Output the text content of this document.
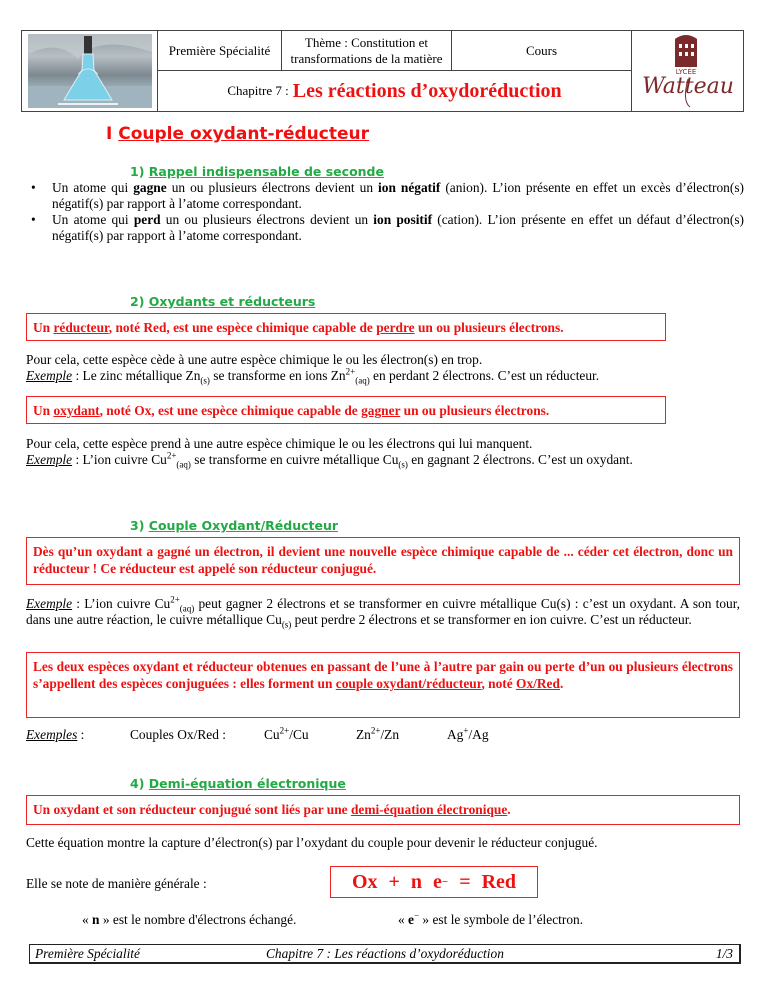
Première Spécialité
Thème : Constitution et transformations de la matière
Cours
Chapitre 7 : Les réactions d’oxydoréduction
LYCÉE
Watteau
I Couple oxydant-réducteur
1) Rappel indispensable de seconde
• Un atome qui gagne un ou plusieurs électrons devient un ion négatif (anion). L’ion présente en effet un excès d’électron(s) négatif(s) par rapport à l’atome correspondant.
• Un atome qui perd un ou plusieurs électrons devient un ion positif (cation). L’ion présente en effet un défaut d’électron(s) négatif(s) par rapport à l’atome correspondant.
2) Oxydants et réducteurs
Un réducteur, noté Red, est une espèce chimique capable de perdre un ou plusieurs électrons.
Pour cela, cette espèce cède à une autre espèce chimique le ou les électron(s) en trop.
Exemple : Le zinc métallique $Zn_{(s)}$ se transforme en ions $Zn^{2+}_{(aq)}$ en perdant 2 électrons. C’est un réducteur.
Un oxydant, noté Ox, est une espèce chimique capable de gagner un ou plusieurs électrons.
Pour cela, cette espèce prend à une autre espèce chimique le ou les électrons qui lui manquent.
Exemple : L’ion cuivre $Cu^{2+}_{(aq)}$ se transforme en cuivre métallique $Cu_{(s)}$ en gagnant 2 électrons. C’est un oxydant.
3) Couple Oxydant/Réducteur
Dès qu’un oxydant a gagné un électron, il devient une nouvelle espèce chimique capable de ... céder cet électron, donc un réducteur ! Ce réducteur est appelé son réducteur conjugué.
Exemple : L’ion cuivre $Cu^{2+}_{(aq)}$ peut gagner 2 électrons et se transformer en cuivre métallique Cu(s) : c’est un oxydant. A son tour, dans une autre réaction, le cuivre métallique $Cu_{(s)}$ peut perdre 2 électrons et se transformer en ion cuivre. C’est un réducteur.
Les deux espèces oxydant et réducteur obtenues en passant de l’une à l’autre par gain ou perte d’un ou plusieurs électrons s’appellent des espèces conjuguées : elles forment un couple oxydant/réducteur, noté Ox/Red.
Exemples :	Couples Ox/Red :	$Cu^{2+}/Cu$	$Zn^{2+}/Zn$	Ag+/Ag
4) Demi-équation électronique
Un oxydant et son réducteur conjugué sont liés par une demi-équation électronique.
Cette équation montre la capture d’électron(s) par l’oxydant du couple pour devenir le réducteur conjugué.
Elle se note de manière générale :	Ox
+
n e −
=
Red
« n » est le nombre d'électrons échangé.	« e− » est le symbole de l’électron.
Première Spécialité	Chapitre 7 : Les réactions d’oxydoréduction	1/3
